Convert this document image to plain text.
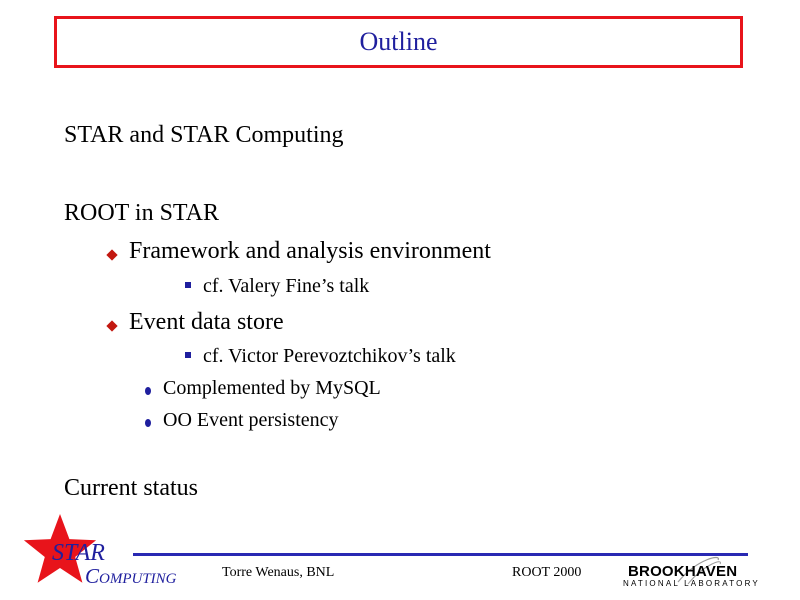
Outline
STAR and STAR Computing
ROOT in STAR
Framework and analysis environment
cf. Valery Fine’s talk
Event data store
cf. Victor Perevoztchikov’s talk
Complemented by MySQL
OO Event persistency
Current status
STAR
COMPUTING	Torre Wenaus, BNL	ROOT 2000	BROOKHAVEN
NATIONAL LABORATORY
